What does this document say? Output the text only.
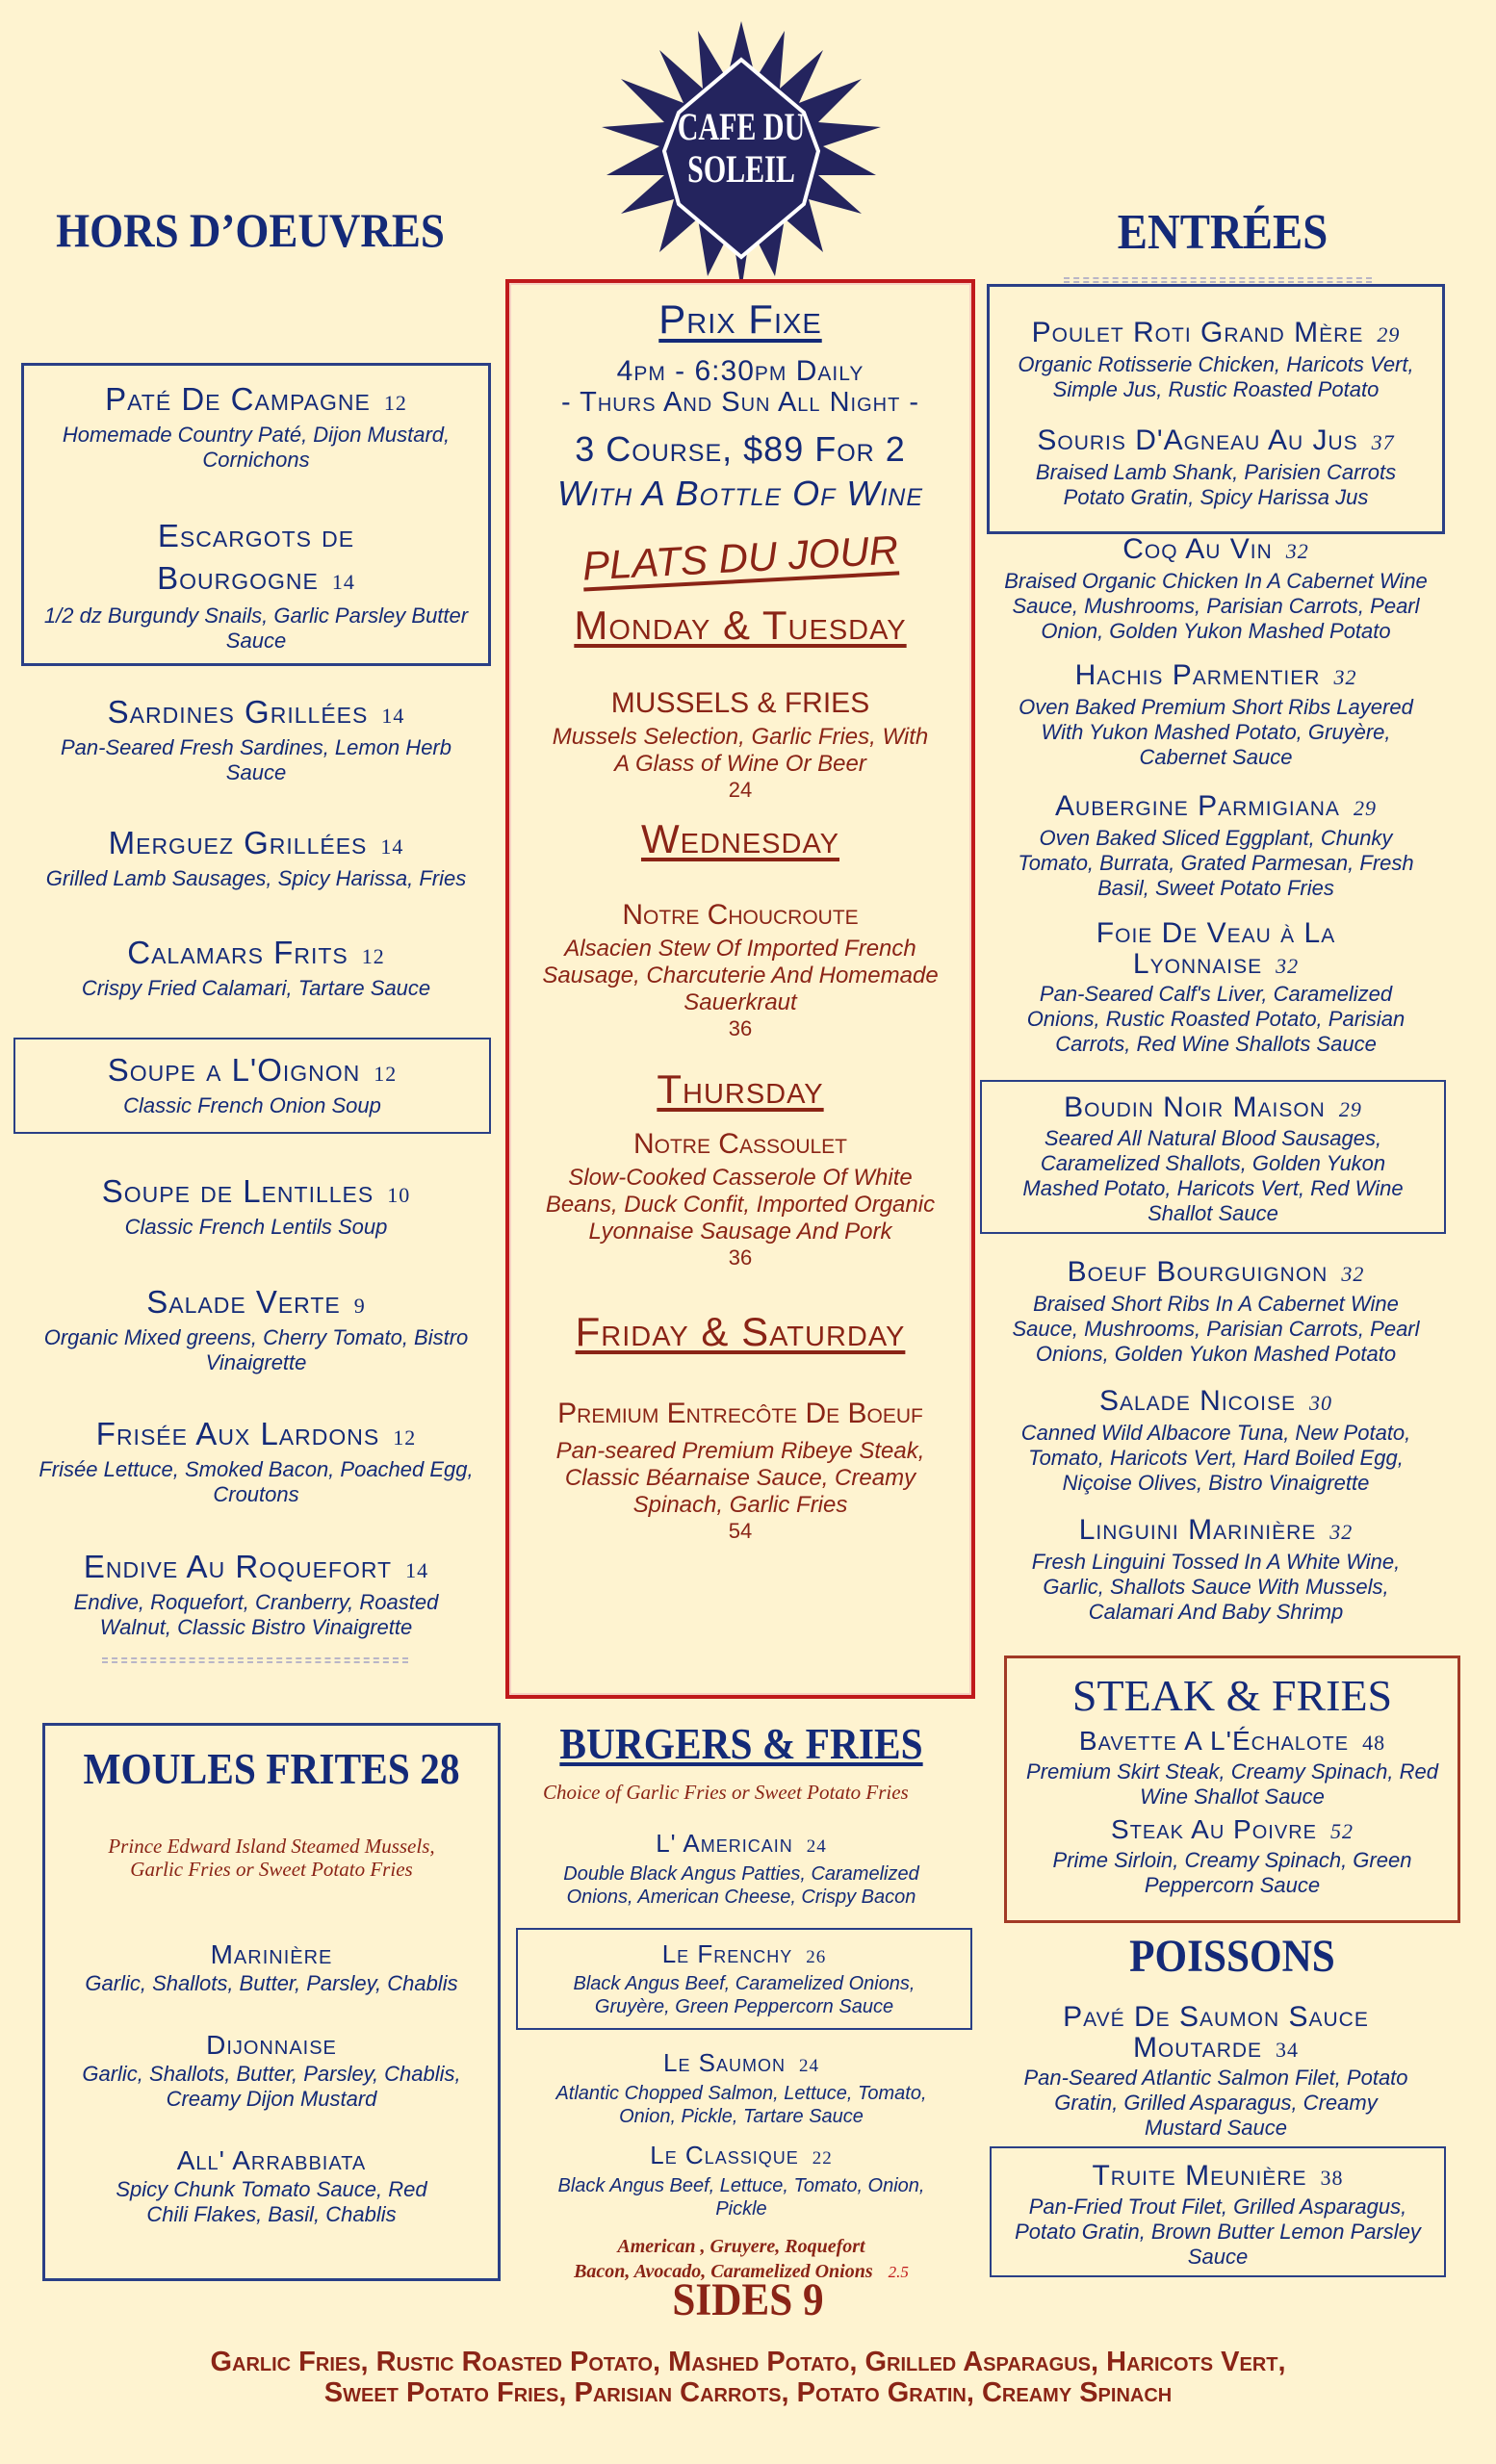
CAFE DU
SOLEIL
HORS D’OEUVRES
Paté De Campagne 12
Homemade Country Paté, Dijon Mustard, Cornichons
Escargots de Bourgogne 14
1/2 dz Burgundy Snails, Garlic Parsley Butter Sauce
Sardines Grillées 14
Pan-Seared Fresh Sardines, Lemon Herb Sauce
Merguez Grillées 14
Grilled Lamb Sausages, Spicy Harissa, Fries
Calamars Frits 12
Crispy Fried Calamari, Tartare Sauce
Soupe a L'Oignon 12
Classic French Onion Soup
Soupe de Lentilles 10
Classic French Lentils Soup
Salade Verte 9
Organic Mixed greens, Cherry Tomato, Bistro Vinaigrette
Frisée Aux Lardons 12
Frisée Lettuce, Smoked Bacon, Poached Egg, Croutons
Endive Au Roquefort 14
Endive, Roquefort, Cranberry, Roasted Walnut, Classic Bistro Vinaigrette
MOULES FRITES 28
Prince Edward Island Steamed Mussels, Garlic Fries or Sweet Potato Fries
Marinière
Garlic, Shallots, Butter, Parsley, Chablis
Dijonnaise
Garlic, Shallots, Butter, Parsley, Chablis, Creamy Dijon Mustard
All' Arrabbiata
Spicy Chunk Tomato Sauce, Red Chili Flakes, Basil, Chablis
Prix Fixe
4pm - 6:30pm Daily
- Thurs And Sun All Night -
3 Course, $89 For 2
With A Bottle Of Wine
PLATS DU JOUR
Monday & Tuesday
MUSSELS & FRIES
Mussels Selection, Garlic Fries, With A Glass of Wine Or Beer
24
Wednesday
Notre Choucroute
Alsacien Stew Of Imported French Sausage, Charcuterie And Homemade Sauerkraut
36
Thursday
Notre Cassoulet
Slow-Cooked Casserole Of White Beans, Duck Confit, Imported Organic Lyonnaise Sausage And Pork
36
Friday & Saturday
Premium Entrecôte De Boeuf
Pan-seared Premium Ribeye Steak, Classic Béarnaise Sauce, Creamy Spinach, Garlic Fries
54
BURGERS & FRIES
Choice of Garlic Fries or Sweet Potato Fries
L' Americain 24
Double Black Angus Patties, Caramelized Onions, American Cheese, Crispy Bacon
Le Frenchy 26
Black Angus Beef, Caramelized Onions, Gruyère, Green Peppercorn Sauce
Le Saumon 24
Atlantic Chopped Salmon, Lettuce, Tomato, Onion, Pickle, Tartare Sauce
Le Classique 22
Black Angus Beef, Lettuce, Tomato, Onion, Pickle
American , Gruyere, Roquefort
Bacon, Avocado, Caramelized Onions 2.5
ENTRÉES
Poulet Roti Grand Mère 29
Organic Rotisserie Chicken, Haricots Vert, Simple Jus, Rustic Roasted Potato
Souris D'Agneau Au Jus 37
Braised Lamb Shank, Parisien Carrots Potato Gratin, Spicy Harissa Jus
Coq Au Vin 32
Braised Organic Chicken In A Cabernet Wine Sauce, Mushrooms, Parisian Carrots, Pearl Onion, Golden Yukon Mashed Potato
Hachis Parmentier 32
Oven Baked Premium Short Ribs Layered With Yukon Mashed Potato, Gruyère, Cabernet Sauce
Aubergine Parmigiana 29
Oven Baked Sliced Eggplant, Chunky Tomato, Burrata, Grated Parmesan, Fresh Basil, Sweet Potato Fries
Foie De Veau à La Lyonnaise 32
Pan-Seared Calf's Liver, Caramelized Onions, Rustic Roasted Potato, Parisian Carrots, Red Wine Shallots Sauce
Boudin Noir Maison 29
Seared All Natural Blood Sausages, Caramelized Shallots, Golden Yukon Mashed Potato, Haricots Vert, Red Wine Shallot Sauce
Boeuf Bourguignon 32
Braised Short Ribs In A Cabernet Wine Sauce, Mushrooms, Parisian Carrots, Pearl Onions, Golden Yukon Mashed Potato
Salade Nicoise 30
Canned Wild Albacore Tuna, New Potato, Tomato, Haricots Vert, Hard Boiled Egg, Niçoise Olives, Bistro Vinaigrette
Linguini Marinière 32
Fresh Linguini Tossed In A White Wine, Garlic, Shallots Sauce With Mussels, Calamari And Baby Shrimp
STEAK & FRIES
Bavette A L'Échalote 48
Premium Skirt Steak, Creamy Spinach, Red Wine Shallot Sauce
Steak Au Poivre 52
Prime Sirloin, Creamy Spinach, Green Peppercorn Sauce
POISSONS
Pavé De Saumon Sauce Moutarde 34
Pan-Seared Atlantic Salmon Filet, Potato Gratin, Grilled Asparagus, Creamy Mustard Sauce
Truite Meunière 38
Pan-Fried Trout Filet, Grilled Asparagus, Potato Gratin, Brown Butter Lemon Parsley Sauce
SIDES 9
Garlic Fries, Rustic Roasted Potato, Mashed Potato, Grilled Asparagus, Haricots Vert,
Sweet Potato Fries, Parisian Carrots, Potato Gratin, Creamy Spinach
